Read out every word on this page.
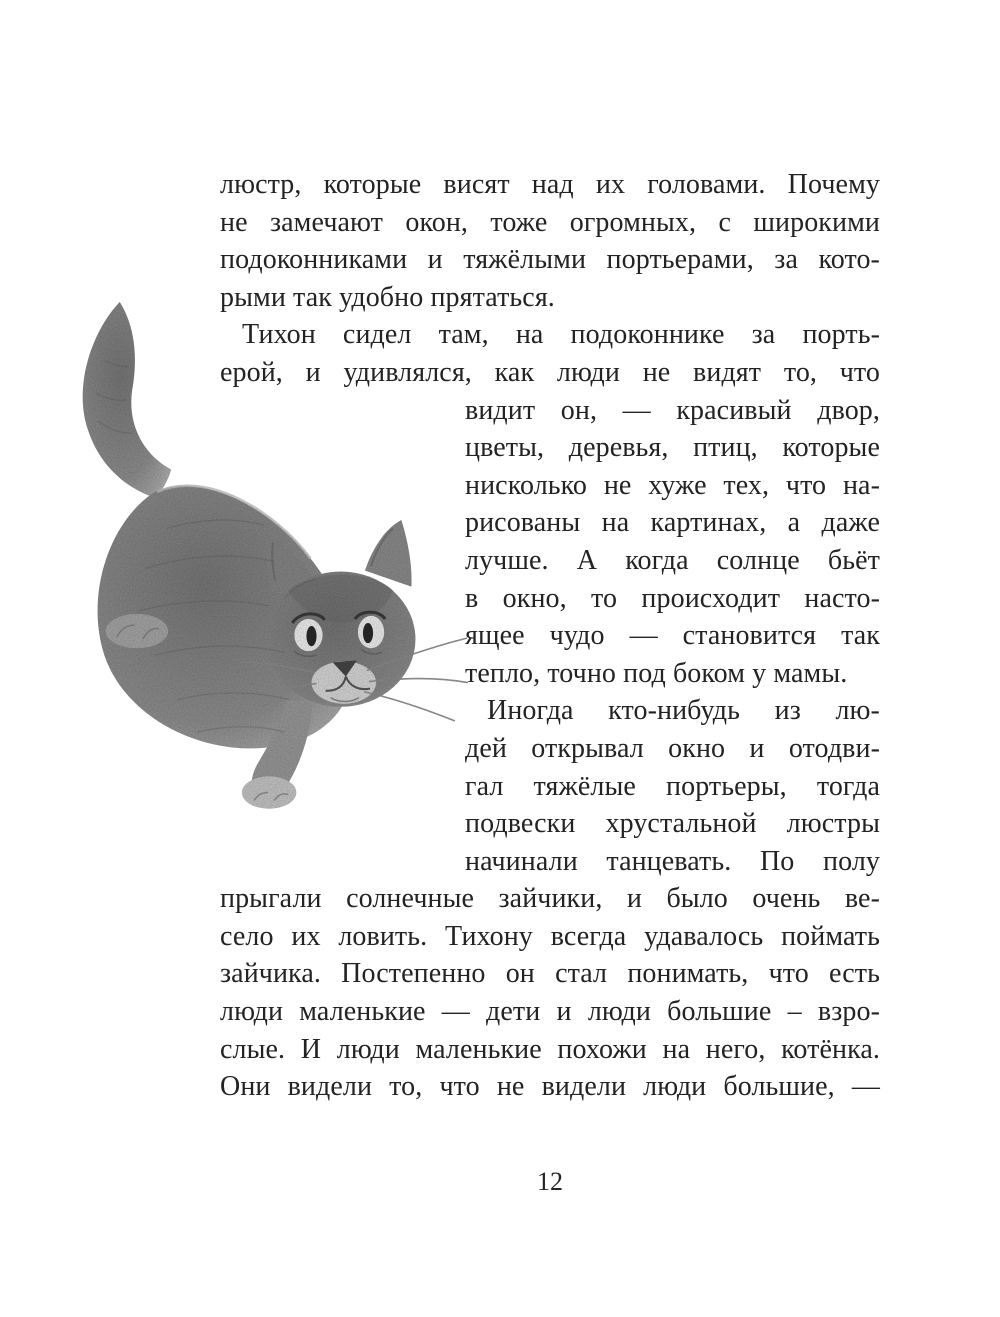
люстр, которые висят над их головами. Почему
не замечают окон, тоже огромных, с широкими
подоконниками и тяжёлыми портьерами, за кото-
рыми так удобно прятаться.
Тихон сидел там, на подоконнике за порть-
ерой, и удивлялся, как люди не видят то, что
видит он, — красивый двор,
цветы, деревья, птиц, которые
нисколько не хуже тех, что на-
рисованы на картинах, а даже
лучше. А когда солнце бьёт
в окно, то происходит насто-
ящее чудо — становится так
тепло, точно под боком у мамы.
Иногда кто-нибудь из лю-
дей открывал окно и отодви-
гал тяжёлые портьеры, тогда
подвески хрустальной люстры
начинали танцевать. По полу
прыгали солнечные зайчики, и было очень ве-
село их ловить. Тихону всегда удавалось поймать
зайчика. Постепенно он стал понимать, что есть
люди маленькие — дети и люди большие – взро-
слые. И люди маленькие похожи на него, котёнка.
Они видели то, что не видели люди большие, —
12
